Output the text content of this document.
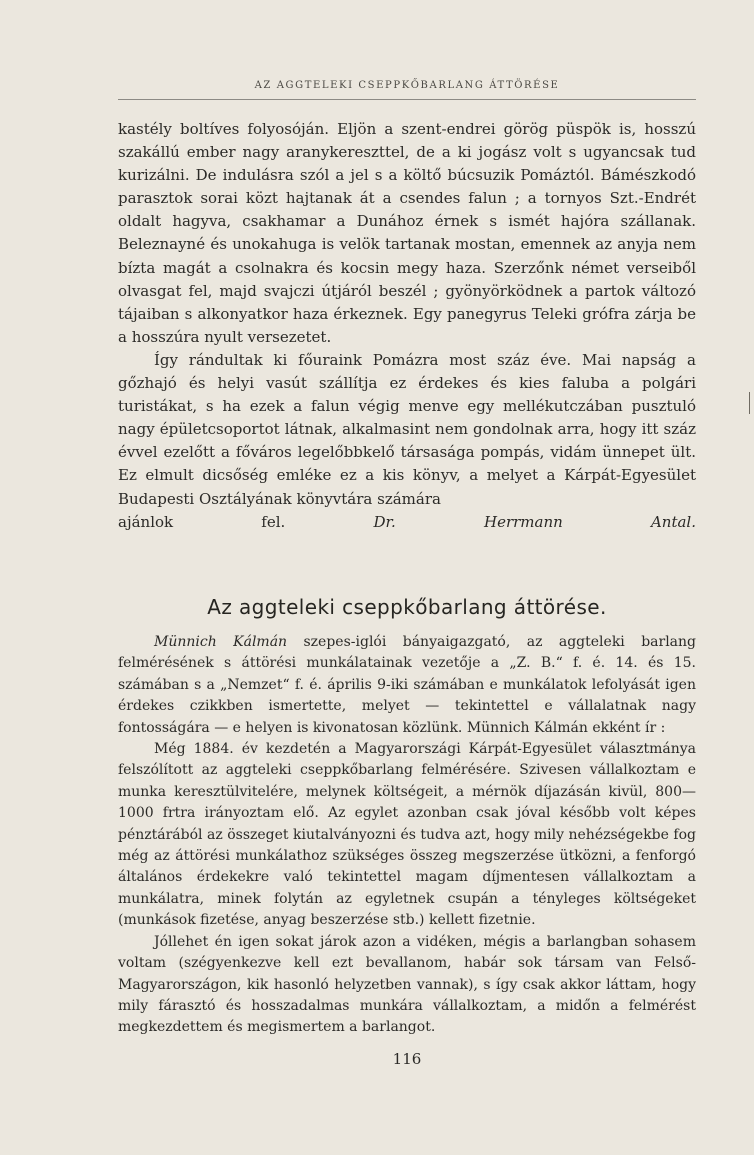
AZ AGGTELEKI CSEPPKŐBARLANG ÁTTÖRÉSE

kastély boltíves folyosóján. Eljön a szent-endrei görög püspök is, hosszú szakállú ember nagy aranykereszttel, de a ki jogász volt s ugyancsak tud kurizálni. De indulásra szól a jel s a költő búcsuzik Pomáztól. Bámészkodó parasztok sorai közt hajtanak át a csendes falun ; a tornyos Szt.-Endrét oldalt hagyva, csakhamar a Dunához érnek s ismét hajóra szállanak. Beleznayné és unokahuga is velök tartanak mostan, emennek az anyja nem bízta magát a csolnakra és kocsin megy haza. Szerzőnk német verseiből olvasgat fel, majd svajczi útjáról beszél ; gyönyörködnek a partok változó tájaiban s alkonyatkor haza érkeznek. Egy panegyrus Teleki grófra zárja be a hosszúra nyult versezetet.

Így rándultak ki főuraink Pomázra most száz éve. Mai napság a gőzhajó és helyi vasút szállítja ez érdekes és kies faluba a polgári turistákat, s ha ezek a falun végig menve egy mellékutczában pusztuló nagy épületcsoportot látnak, alkalmasint nem gondolnak arra, hogy itt száz évvel ezelőtt a főváros legelőbbkelő társasága pompás, vidám ünnepet ült. Ez elmult dicsőség emléke ez a kis könyv, a melyet a Kárpát-Egyesület Budapesti Osztályának könyvtára számára

ajánlok fel.	Dr. Herrmann Antal.

Az aggteleki cseppkőbarlang áttörése.

Münnich Kálmán szepes-iglói bányaigazgató, az aggteleki barlang felmérésének s áttörési munkálatainak vezetője a „Z. B.“ f. é. 14. és 15. számában s a „Nemzet“ f. é. április 9-iki számában e munkálatok lefolyását igen érdekes czikkben ismertette, melyet — tekintettel e vállalatnak nagy fontosságára — e helyen is kivonatosan közlünk. Münnich Kálmán ekként ír :

Még 1884. év kezdetén a Magyarországi Kárpát-Egyesület választmánya felszólított az aggteleki cseppkőbarlang felmérésére. Szivesen vállalkoztam e munka keresztülvitelére, melynek költségeit, a mérnök díjazásán kivül, 800—1000 frtra irányoztam elő. Az egylet azonban csak jóval később volt képes pénztárából az összeget kiutalványozni és tudva azt, hogy mily nehézségekbe fog még az áttörési munkálathoz szükséges összeg megszerzése ütközni, a fenforgó általános érdekekre való tekintettel magam díjmentesen vállalkoztam a munkálatra, minek folytán az egyletnek csupán a tényleges költségeket (munkások fizetése, anyag beszerzése stb.) kellett fizetnie.

Jóllehet én igen sokat járok azon a vidéken, mégis a barlangban sohasem voltam (szégyenkezve kell ezt bevallanom, habár sok társam van Felső-Magyarországon, kik hasonló helyzetben vannak), s így csak akkor láttam, hogy mily fárasztó és hosszadalmas munkára vállalkoztam, a midőn a felmérést megkezdettem és megismertem a barlangot.

116
